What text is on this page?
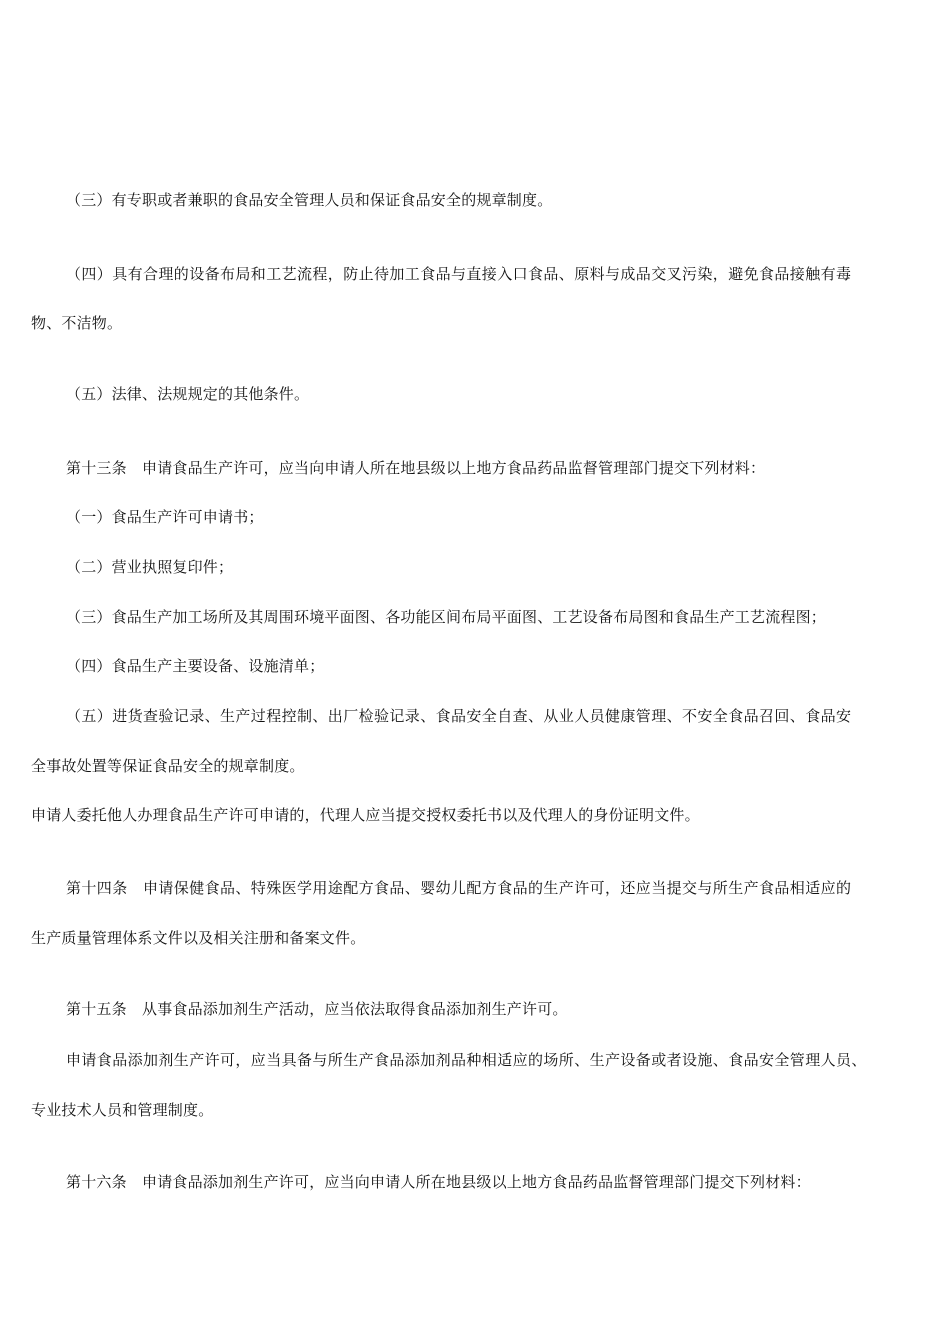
（三）有专职或者兼职的食品安全管理人员和保证食品安全的规章制度。
（四）具有合理的设备布局和工艺流程，防止待加工食品与直接入口食品、原料与成品交叉污染，避免食品接触有毒
物、不洁物。
（五）法律、法规规定的其他条件。
第十三条　申请食品生产许可，应当向申请人所在地县级以上地方食品药品监督管理部门提交下列材料：
（一）食品生产许可申请书；
（二）营业执照复印件；
（三）食品生产加工场所及其周围环境平面图、各功能区间布局平面图、工艺设备布局图和食品生产工艺流程图；
（四）食品生产主要设备、设施清单；
（五）进货查验记录、生产过程控制、出厂检验记录、食品安全自查、从业人员健康管理、不安全食品召回、食品安
全事故处置等保证食品安全的规章制度。
申请人委托他人办理食品生产许可申请的，代理人应当提交授权委托书以及代理人的身份证明文件。
第十四条　申请保健食品、特殊医学用途配方食品、婴幼儿配方食品的生产许可，还应当提交与所生产食品相适应的
生产质量管理体系文件以及相关注册和备案文件。
第十五条　从事食品添加剂生产活动，应当依法取得食品添加剂生产许可。
申请食品添加剂生产许可，应当具备与所生产食品添加剂品种相适应的场所、生产设备或者设施、食品安全管理人员、
专业技术人员和管理制度。
第十六条　申请食品添加剂生产许可，应当向申请人所在地县级以上地方食品药品监督管理部门提交下列材料：
